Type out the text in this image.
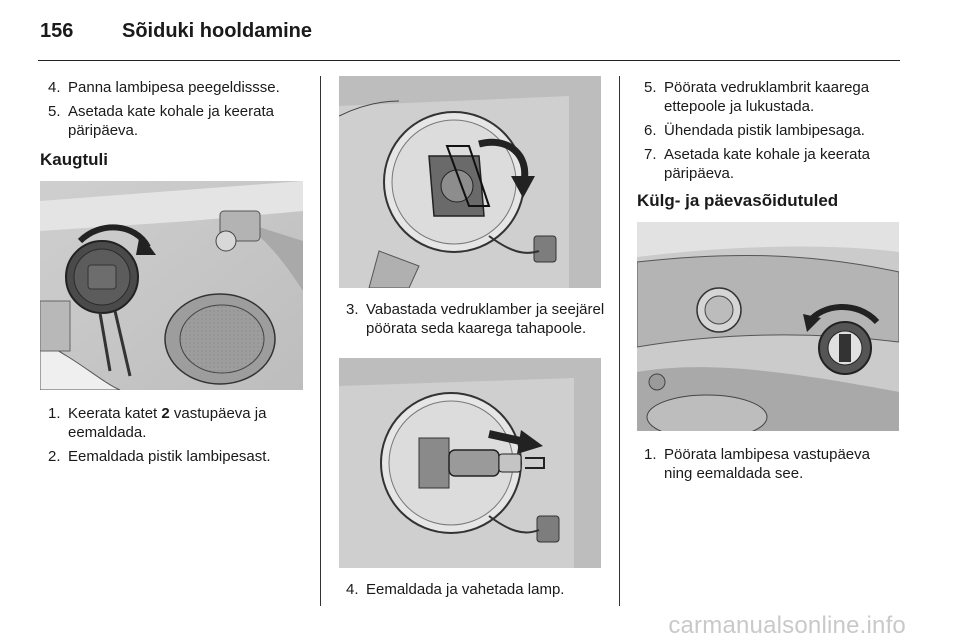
156 Sõiduki hooldamine
4. Panna lambipesa peegeldissse.
5. Asetada kate kohale ja keerata päripäeva.
Kaugtuli
1. Keerata katet 2 vastupäeva ja eemaldada.
2. Eemaldada pistik lambipesast.
3. Vabastada vedruklamber ja seejärel pöörata seda kaarega tahapoole.
4. Eemaldada ja vahetada lamp.
5. Pöörata vedruklambrit kaarega ettepoole ja lukustada.
6. Ühendada pistik lambipesaga.
7. Asetada kate kohale ja keerata päripäeva.
Külg- ja päevasõidutuled
1. Pöörata lambipesa vastupäeva ning eemaldada see.
carmanualsonline.info
